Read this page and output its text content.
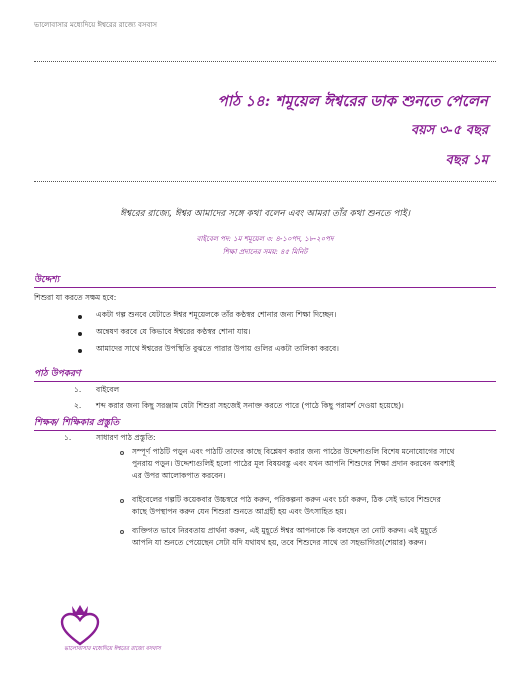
ভালোবাসার মধ্যেদিয়ে ঈশ্বরের রাজ্যে বসবাস
পাঠ ১৪: শমূয়েল ঈশ্বরের ডাক শুনতে পেলেন
বয়স ৩-৫ বছর
বছর ১ম
ঈশ্বরের রাজ্যে, ঈশ্বর আমাদের সঙ্গে কথা বলেন এবং আমরা তাঁর কথা শুনতে পাই।
বাইবেল পদ: ১ম শমূয়েল ৩: ৪-১০পদ, ১৮-২০পদ
শিক্ষা প্রদানের সময়: ৪৫ মিনিট
উদ্দেশ্য
শিশুরা যা করতে সক্ষম হবে:
একটা গল্প শুনবে যেটাতে ঈশ্বর শমূয়েলকে তাঁর কণ্ঠস্বর শোনার জন্য শিক্ষা দিচ্ছেন।
অন্বেষণ করবে যে কিভাবে ঈশ্বরের কণ্ঠস্বর শোনা যায়।
আমাদের সাথে ঈশ্বরের উপস্থিতি বুঝতে পারার উপায় গুলির একটা তালিকা করবে।
পাঠ উপকরণ
১. বাইবেল
২. শব্দ করার জন্য কিছু সরঞ্জাম যেটা শিশুরা সহজেই সনাক্ত করতে পারে (পাঠে কিছু পরামর্শ দেওয়া হয়েছে)।
শিক্ষক/ শিক্ষিকার প্রস্তুতি
১.	সাধারণ পাঠ প্রস্তুতি:
সম্পূর্ণ পাঠটি পড়ুন এবং পাঠটি তাদের কাছে বিশ্লেষণ করার জন্য পাঠের উদ্দেশ্যগুলি বিশেষ মনোযোগের সাথে
পুনরায় পড়ুন। উদ্দেশ্যগুলিই হলো পাঠের মূল বিষয়বস্তু এবং যখন আপনি শিশুদের শিক্ষা প্রদান করবেন অবশ্যই
এর উপর আলোকপাত করবেন।
বাইবেলের গল্পটি কয়েকবার উচ্চস্বরে পাঠ করুন, পরিকল্পনা করুন এবং চর্চা করুন, ঠিক সেই ভাবে শিশুদের
কাছে উপস্থাপন করুন যেন শিশুরা শুনতে আগ্রহী হয় এবং উৎসাহিত হয়।
ব্যক্তিগত ভাবে নিরবতায় প্রার্থনা করুন, এই মুহূর্তে ঈশ্বর আপনাকে কি বলছেন তা নোট করুন। এই মুহূর্তে
আপনি যা শুনতে পেয়েছেন সেটা যদি যথাযথ হয়, তবে শিশুদের সাথে তা সহভাগিতা(শেয়ার) করুন।
ভালোবাসার মধ্যেদিয়ে ঈশ্বরের রাজ্যে বসবাস
